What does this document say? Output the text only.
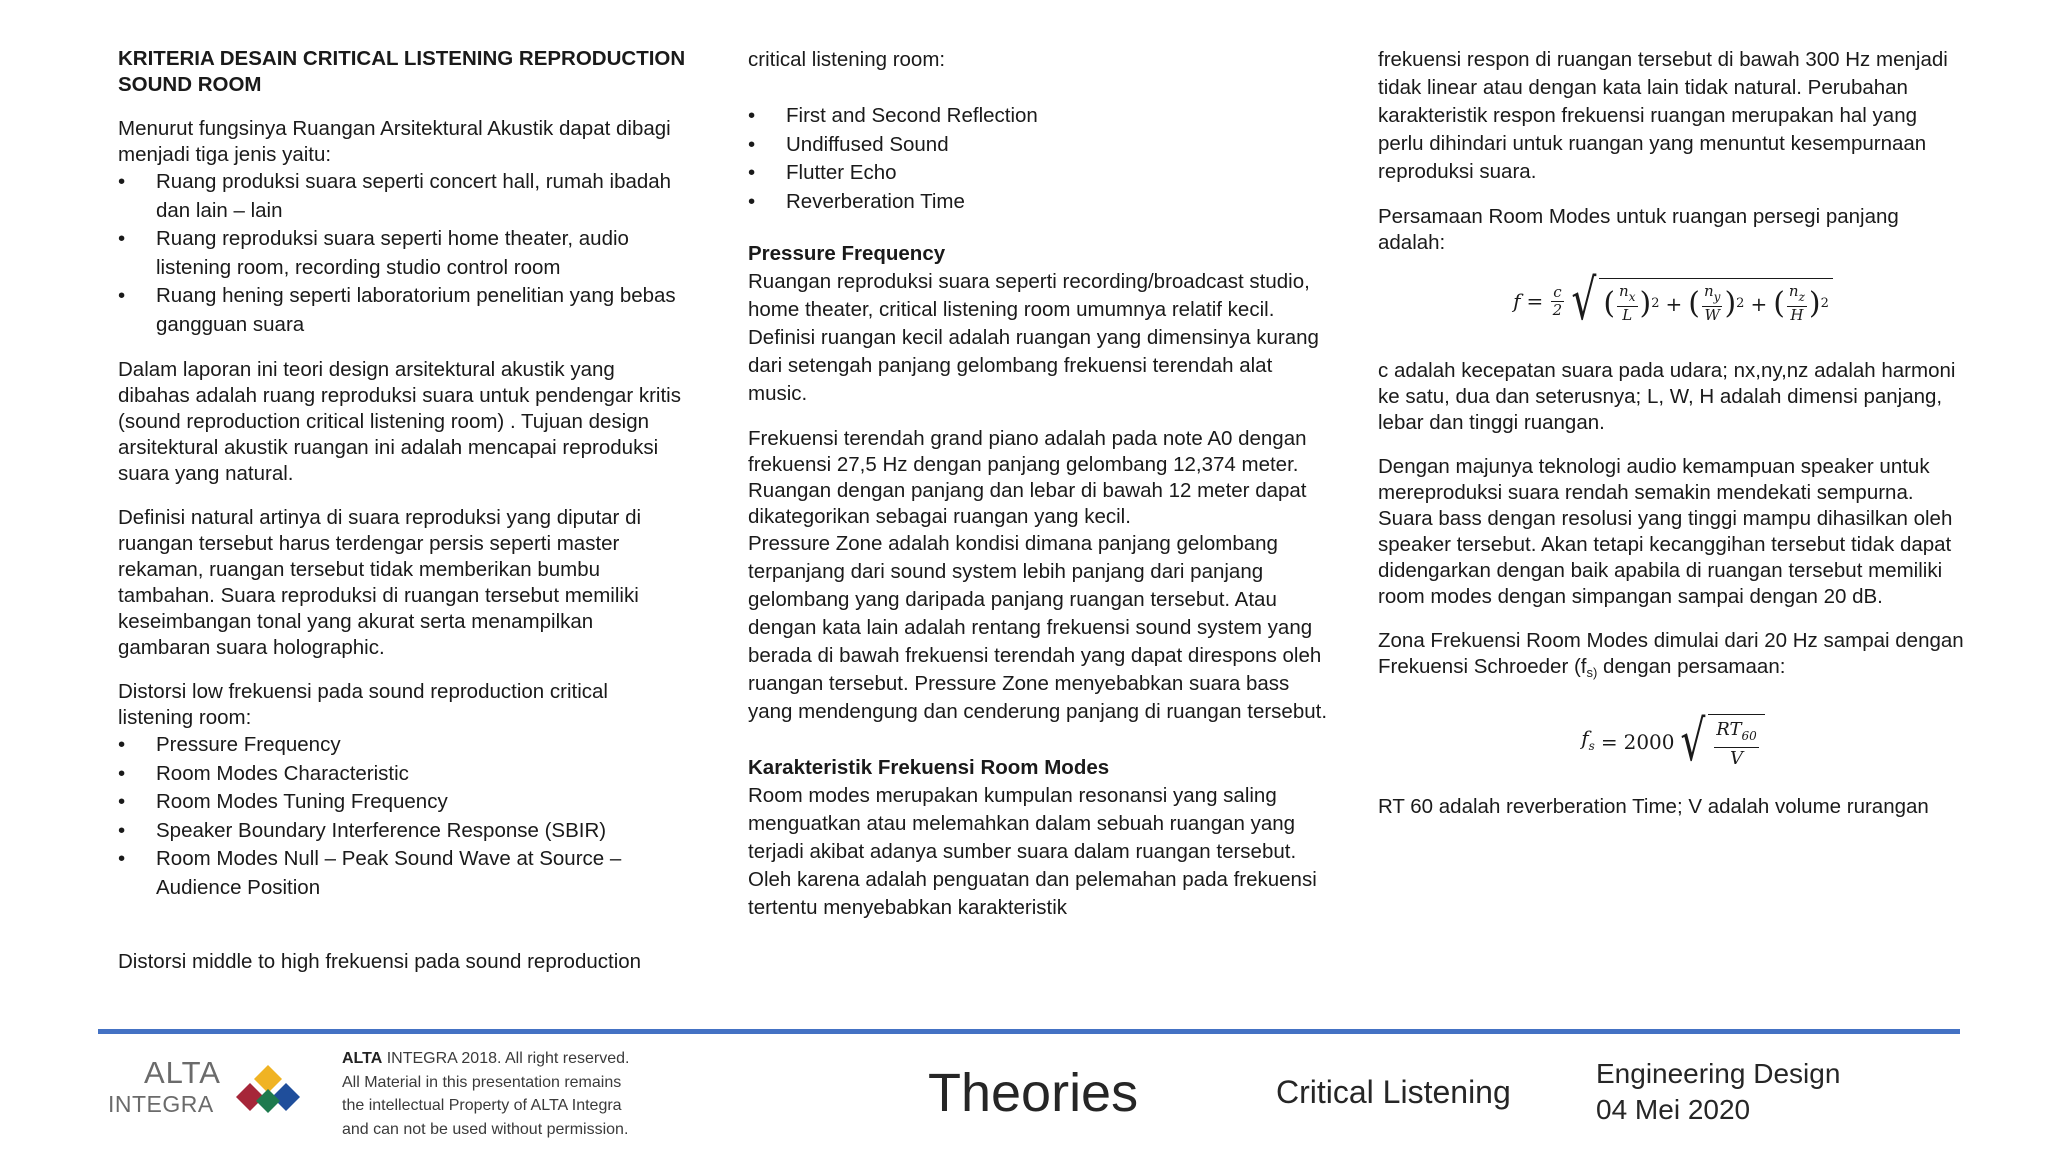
KRITERIA DESAIN CRITICAL LISTENING REPRODUCTION SOUND ROOM
Menurut fungsinya Ruangan Arsitektural Akustik dapat dibagi menjadi tiga jenis yaitu:
• Ruang produksi suara seperti concert hall, rumah ibadah dan lain – lain
• Ruang reproduksi suara seperti home theater, audio listening room, recording studio control room
• Ruang hening seperti laboratorium penelitian yang bebas gangguan suara
Dalam laporan ini teori design arsitektural akustik yang dibahas adalah ruang reproduksi suara untuk pendengar kritis (sound reproduction critical listening room) . Tujuan design arsitektural akustik ruangan ini adalah mencapai reproduksi suara yang natural.
Definisi natural artinya di suara reproduksi yang diputar di ruangan tersebut harus terdengar persis seperti master rekaman, ruangan tersebut tidak memberikan bumbu tambahan. Suara reproduksi di ruangan tersebut memiliki keseimbangan tonal yang akurat serta menampilkan gambaran suara holographic.
Distorsi low frekuensi pada sound reproduction critical listening room:
• Pressure Frequency
• Room Modes Characteristic
• Room Modes Tuning Frequency
• Speaker Boundary Interference Response (SBIR)
• Room Modes Null – Peak Sound Wave at Source – Audience Position
Distorsi middle to high frekuensi pada sound reproduction
critical listening room:
• First and Second Reflection
• Undiffused Sound
• Flutter Echo
• Reverberation Time
Pressure Frequency
Ruangan reproduksi suara seperti recording/broadcast studio, home theater, critical listening room umumnya relatif kecil. Definisi ruangan kecil adalah ruangan yang dimensinya kurang dari setengah panjang gelombang frekuensi terendah alat music.
Frekuensi terendah grand piano adalah pada note A0 dengan frekuensi 27,5 Hz dengan panjang gelombang 12,374 meter. Ruangan dengan panjang dan lebar di bawah 12 meter dapat dikategorikan sebagai ruangan yang kecil.
Pressure Zone adalah kondisi dimana panjang gelombang terpanjang dari sound system lebih panjang dari panjang gelombang yang daripada panjang ruangan tersebut. Atau dengan kata lain adalah rentang frekuensi sound system yang berada di bawah frekuensi terendah yang dapat direspons oleh ruangan tersebut. Pressure Zone menyebabkan suara bass yang mendengung dan cenderung panjang di ruangan tersebut.
Karakteristik Frekuensi Room Modes
Room modes merupakan kumpulan resonansi yang saling menguatkan atau melemahkan dalam sebuah ruangan yang terjadi akibat adanya sumber suara dalam ruangan tersebut. Oleh karena adalah penguatan dan pelemahan pada frekuensi tertentu menyebabkan karakteristik
frekuensi respon di ruangan tersebut di bawah 300 Hz menjadi tidak linear atau dengan kata lain tidak natural. Perubahan karakteristik respon frekuensi ruangan merupakan hal yang perlu dihindari untuk ruangan yang menuntut kesempurnaan reproduksi suara.
Persamaan Room Modes untuk ruangan persegi panjang adalah:
$f = \frac{c}{2}$ √ ( $\frac{n_x}{L}$ ) 2 + ( $\frac{n_y}{W}$ ) 2 + ( $\frac{n_z}{H}$ ) 2
c adalah kecepatan suara pada udara; nx,ny,nz adalah harmoni ke satu, dua dan seterusnya; L, W, H adalah dimensi panjang, lebar dan tinggi ruangan.
Dengan majunya teknologi audio kemampuan speaker untuk mereproduksi suara rendah semakin mendekati sempurna. Suara bass dengan resolusi yang tinggi mampu dihasilkan oleh speaker tersebut. Akan tetapi kecanggihan tersebut tidak dapat didengarkan dengan baik apabila di ruangan tersebut memiliki room modes dengan simpangan sampai dengan 20 dB.
Zona Frekuensi Room Modes dimulai dari 20 Hz sampai dengan Frekuensi Schroeder (fs) dengan persamaan:
$f_s = 2000$ √ $\frac{RT_{60}}{V}$
RT 60 adalah reverberation Time; V adalah volume rurangan
ALTA
INTEGRA
ALTA INTEGRA 2018. All right reserved.
All Material in this presentation remains
the intellectual Property of ALTA Integra
and can not be used without permission.
Theories	Critical Listening
Engineering Design
04 Mei 2020
